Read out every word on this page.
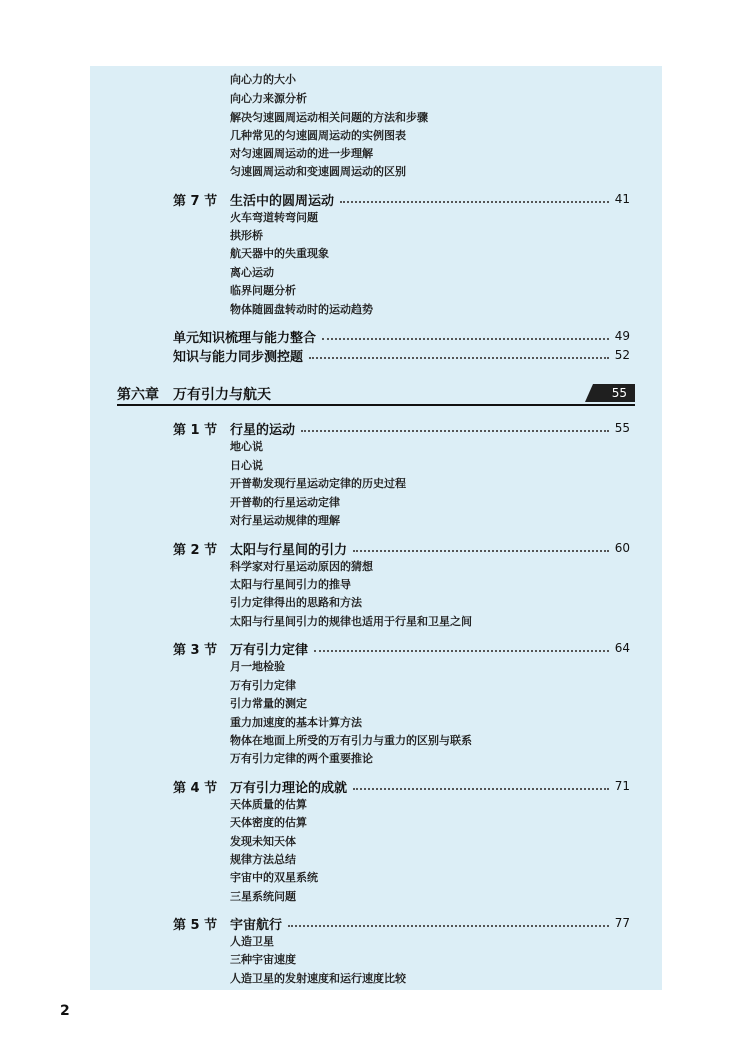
向心力的大小
向心力来源分析
解决匀速圆周运动相关问题的方法和步骤
几种常见的匀速圆周运动的实例图表
对匀速圆周运动的进一步理解
匀速圆周运动和变速圆周运动的区别
第 7 节 生活中的圆周运动	41
火车弯道转弯问题
拱形桥
航天器中的失重现象
离心运动
临界问题分析
物体随圆盘转动时的运动趋势
单元知识梳理与能力整合	49
知识与能力同步测控题	52
第六章 万有引力与航天	55
第 1 节 行星的运动	55
地心说
日心说
开普勒发现行星运动定律的历史过程
开普勒的行星运动定律
对行星运动规律的理解
第 2 节 太阳与行星间的引力	60
科学家对行星运动原因的猜想
太阳与行星间引力的推导
引力定律得出的思路和方法
太阳与行星间引力的规律也适用于行星和卫星之间
第 3 节 万有引力定律	64
月一地检验
万有引力定律
引力常量的测定
重力加速度的基本计算方法
物体在地面上所受的万有引力与重力的区别与联系
万有引力定律的两个重要推论
第 4 节 万有引力理论的成就	71
天体质量的估算
天体密度的估算
发现未知天体
规律方法总结
宇宙中的双星系统
三星系统问题
第 5 节 宇宙航行	77
人造卫星
三种宇宙速度
人造卫星的发射速度和运行速度比较
2
